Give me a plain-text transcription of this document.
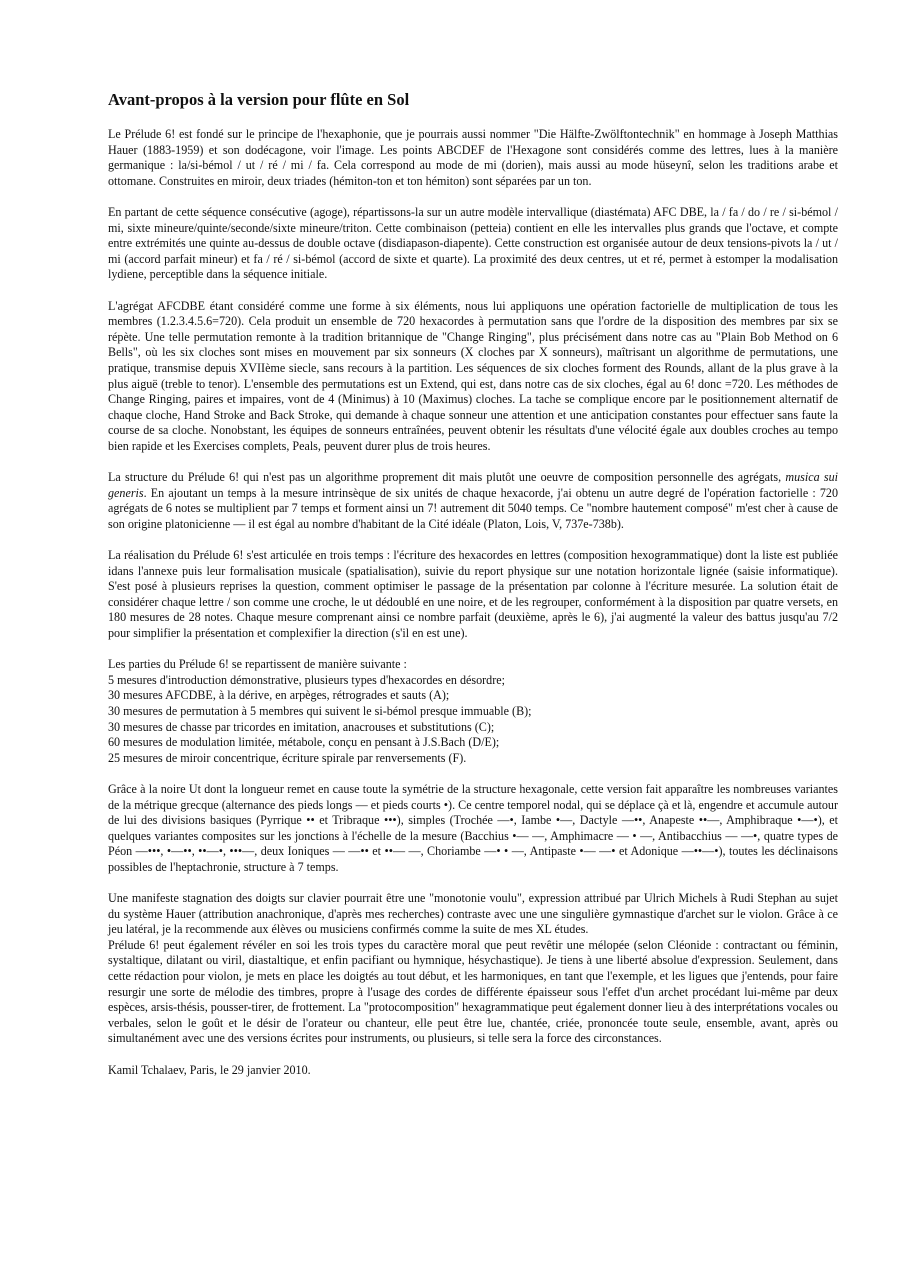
Avant-propos à la version pour flûte en Sol

Le Prélude 6! est fondé sur le principe de l'hexaphonie, que je pourrais aussi nommer "Die Hälfte-Zwölftontechnik" en hommage à Joseph Matthias Hauer (1883-1959) et son dodécagone, voir l'image. Les points ABCDEF de l'Hexagone sont considérés comme des lettres, lues à la manière germanique : la/si-bémol / ut / ré / mi / fa. Cela correspond au mode de mi (dorien), mais aussi au mode hüseynî, selon les traditions arabe et ottomane. Construites en miroir, deux triades (hémiton-ton et ton hémiton) sont séparées par un ton.

En partant de cette séquence consécutive (agoge), répartissons-la sur un autre modèle intervallique (diastémata) AFC DBE, la / fa / do / re / si-bémol / mi, sixte mineure/quinte/seconde/sixte mineure/triton. Cette combinaison (petteia) contient en elle les intervalles plus grands que l'octave, et compte entre extrémités une quinte au-dessus de double octave (disdiapason-diapente). Cette construction est organisée autour de deux tensions-pivots la / ut / mi (accord parfait mineur) et fa / ré / si-bémol (accord de sixte et quarte). La proximité des deux centres, ut et ré, permet à estomper la modalisation lydiene, perceptible dans la séquence initiale.

L'agrégat AFCDBE étant considéré comme une forme à six éléments, nous lui appliquons une opération factorielle de multiplication de tous les membres (1.2.3.4.5.6=720). Cela produit un ensemble de 720 hexacordes à permutation sans que l'ordre de la disposition des membres par six se répète. Une telle permutation remonte à la tradition britannique de "Change Ringing", plus précisément dans notre cas au "Plain Bob Method on 6 Bells", où les six cloches sont mises en mouvement par six sonneurs (X cloches par X sonneurs), maîtrisant un algorithme de permutations, une pratique, transmise depuis XVIIème siecle, sans recours à la partition. Les séquences de six cloches forment des Rounds, allant de la plus grave à la plus aiguë (treble to tenor). L'ensemble des permutations est un Extend, qui est, dans notre cas de six cloches, égal au 6! donc =720. Les méthodes de Change Ringing, paires et impaires, vont de 4 (Minimus) à 10 (Maximus) cloches. La tache se complique encore par le positionnement alternatif de chaque cloche, Hand Stroke and Back Stroke, qui demande à chaque sonneur une attention et une anticipation constantes pour effectuer sans faute la course de sa cloche. Nonobstant, les équipes de sonneurs entraînées, peuvent obtenir les résultats d'une vélocité égale aux doubles croches au tempo bien rapide et les Exercises complets, Peals, peuvent durer plus de trois heures.

La structure du Prélude 6! qui n'est pas un algorithme proprement dit mais plutôt une oeuvre de composition personnelle des agrégats, musica sui generis. En ajoutant un temps à la mesure intrinsèque de six unités de chaque hexacorde, j'ai obtenu un autre degré de l'opération factorielle : 720 agrégats de 6 notes se multiplient par 7 temps et forment ainsi un 7! autrement dit 5040 temps. Ce "nombre hautement composé" m'est cher à cause de son origine platonicienne — il est égal au nombre d'habitant de la Cité idéale (Platon, Lois, V, 737e-738b).

La réalisation du Prélude 6! s'est articulée en trois temps : l'écriture des hexacordes en lettres (composition hexogrammatique) dont la liste est publiée idans l'annexe puis leur formalisation musicale (spatialisation), suivie du report physique sur une notation horizontale lignée (saisie informatique). S'est posé à plusieurs reprises la question, comment optimiser le passage de la présentation par colonne à l'écriture mesurée. La solution était de considérer chaque lettre / son comme une croche, le ut dédoublé en une noire, et de les regrouper, conformément à la disposition par quatre versets, en 180 mesures de 28 notes. Chaque mesure comprenant ainsi ce nombre parfait (deuxième, après le 6), j'ai augmenté la valeur des battus jusqu'au 7/2 pour simplifier la présentation et complexifier la direction (s'il en est une).

Les parties du Prélude 6! se repartissent de manière suivante :
5 mesures d'introduction démonstrative, plusieurs types d'hexacordes en désordre;
30 mesures AFCDBE, à la dérive, en arpèges, rétrogrades et sauts (A);
30 mesures de permutation à 5 membres qui suivent le si-bémol presque immuable (B);
30 mesures de chasse par tricordes en imitation, anacrouses et substitutions (C);
60 mesures de modulation limitée, métabole, conçu en pensant à J.S.Bach (D/E);
25 mesures de miroir concentrique, écriture spirale par renversements (F).

Grâce à la noire Ut dont la longueur remet en cause toute la symétrie de la structure hexagonale, cette version fait apparaître les nombreuses variantes de la métrique grecque (alternance des pieds longs — et pieds courts •). Ce centre temporel nodal, qui se déplace çà et là, engendre et accumule autour de lui des divisions basiques (Pyrrique •• et Tribraque •••), simples (Trochée —•, Iambe •—, Dactyle —••, Anapeste ••—, Amphibraque •—•), et quelques variantes composites sur les jonctions à l'échelle de la mesure (Bacchius •— —, Amphimacre — • —, Antibacchius — —•, quatre types de Péon —•••, •—••, ••—•, •••—, deux Ioniques — —•• et ••— —, Choriambe —• • —, Antipaste •— —• et Adonique —••—•), toutes les déclinaisons possibles de l'heptachronie, structure à 7 temps.

Une manifeste stagnation des doigts sur clavier pourrait être une "monotonie voulu", expression attribué par Ulrich Michels à Rudi Stephan au sujet du système Hauer (attribution anachronique, d'après mes recherches) contraste avec une une singulière gymnastique d'archet sur le violon. Grâce à ce jeu latéral, je la recommende aux élèves ou musiciens confirmés comme la suite de mes XL études.

Prélude 6! peut également révéler en soi les trois types du caractère moral que peut revêtir une mélopée (selon Cléonide : contractant ou féminin, systaltique, dilatant ou viril, diastaltique, et enfin pacifiant ou hymnique, hésychastique). Je tiens à une liberté absolue d'expression. Seulement, dans cette rédaction pour violon, je mets en place les doigtés au tout début, et les harmoniques, en tant que l'exemple, et les ligues que j'entends, pour faire resurgir une sorte de mélodie des timbres, propre à l'usage des cordes de différente épaisseur sous l'effet d'un archet procédant lui-même par deux espèces, arsis-thésis, pousser-tirer, de frottement. La "protocomposition" hexagrammatique peut également donner lieu à des interprétations vocales ou verbales, selon le goût et le désir de l'orateur ou chanteur, elle peut être lue, chantée, criée, prononcée toute seule, ensemble, avant, après ou simultanément avec une des versions écrites pour instruments, ou plusieurs, si telle sera la force des circonstances.

Kamil Tchalaev, Paris, le 29 janvier 2010.
